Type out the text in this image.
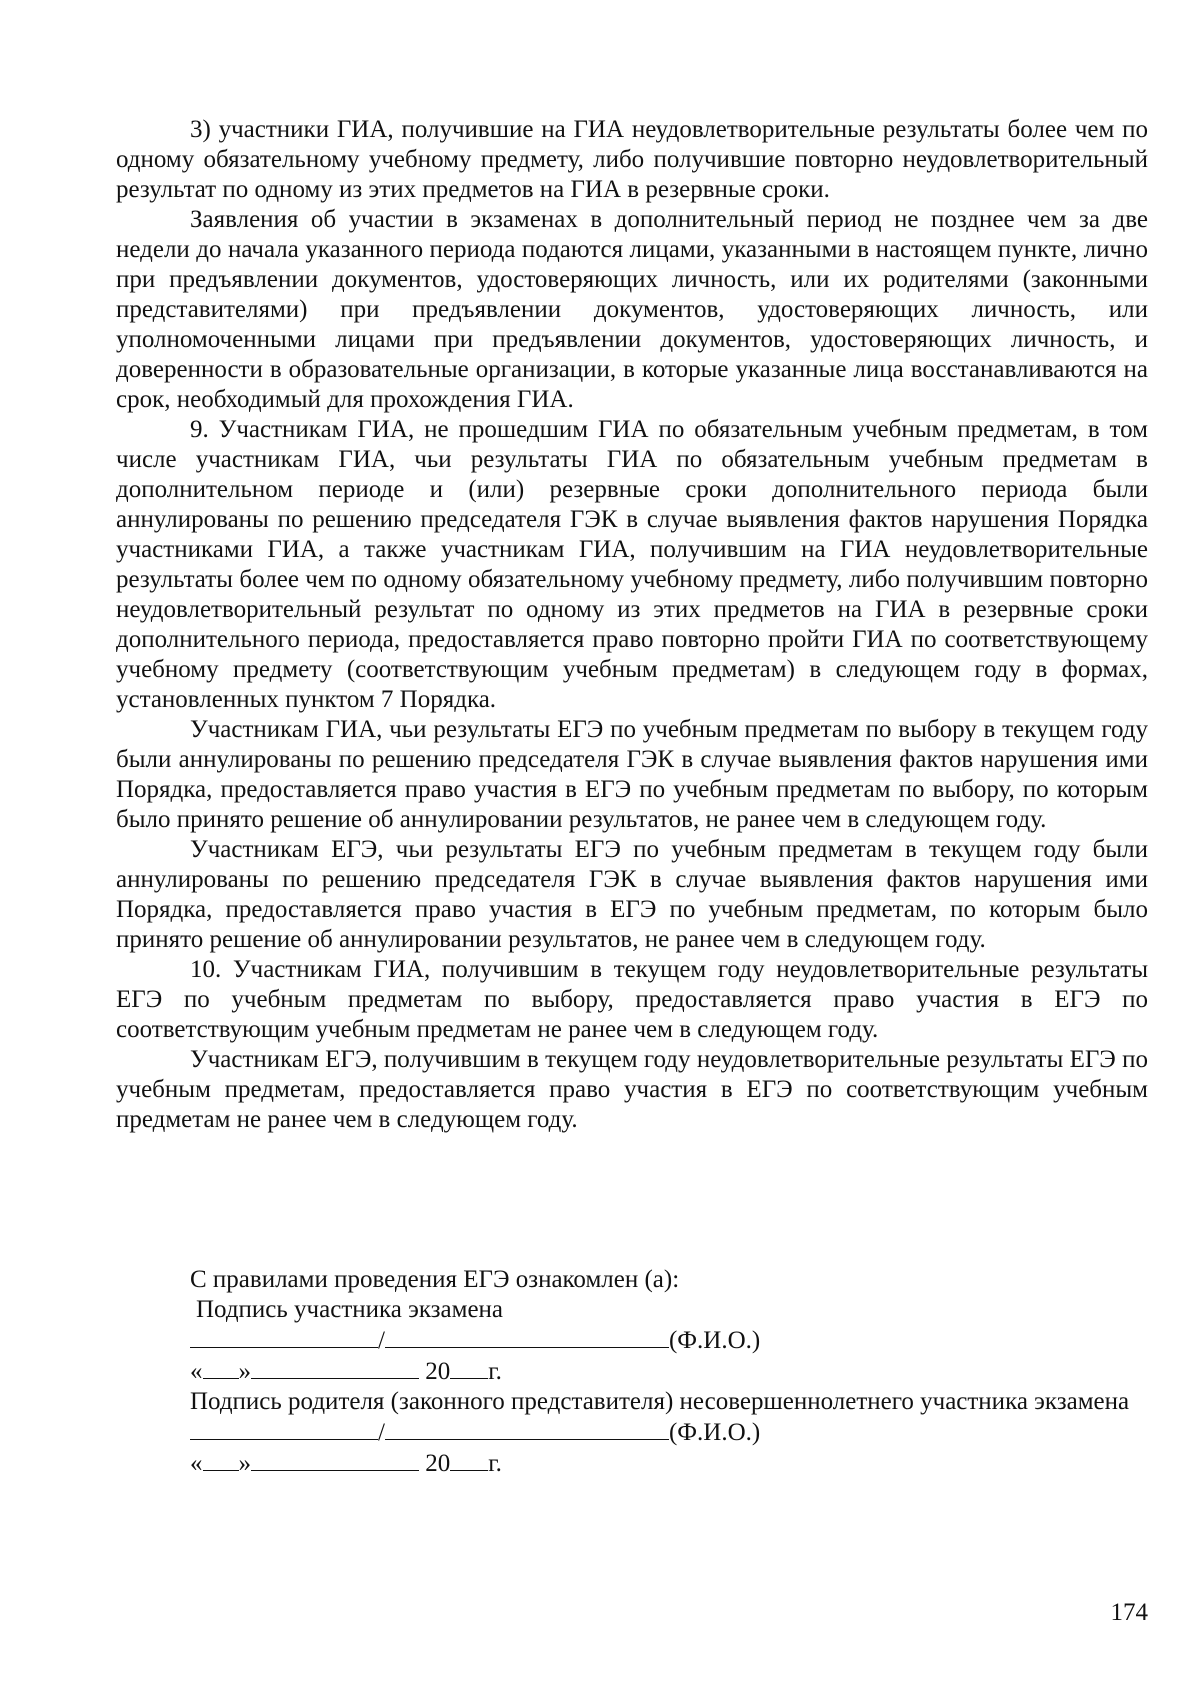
3) участники ГИА, получившие на ГИА неудовлетворительные результаты более чем по одному обязательному учебному предмету, либо получившие повторно неудовлетворительный результат по одному из этих предметов на ГИА в резервные сроки.

Заявления об участии в экзаменах в дополнительный период не позднее чем за две недели до начала указанного периода подаются лицами, указанными в настоящем пункте, лично при предъявлении документов, удостоверяющих личность, или их родителями (законными представителями) при предъявлении документов, удостоверяющих личность, или уполномоченными лицами при предъявлении документов, удостоверяющих личность, и доверенности в образовательные организации, в которые указанные лица восстанавливаются на срок, необходимый для прохождения ГИА.

9. Участникам ГИА, не прошедшим ГИА по обязательным учебным предметам, в том числе участникам ГИА, чьи результаты ГИА по обязательным учебным предметам в дополнительном периоде и (или) резервные сроки дополнительного периода были аннулированы по решению председателя ГЭК в случае выявления фактов нарушения Порядка участниками ГИА, а также участникам ГИА, получившим на ГИА неудовлетворительные результаты более чем по одному обязательному учебному предмету, либо получившим повторно неудовлетворительный результат по одному из этих предметов на ГИА в резервные сроки дополнительного периода, предоставляется право повторно пройти ГИА по соответствующему учебному предмету (соответствующим учебным предметам) в следующем году в формах, установленных пунктом 7 Порядка.

Участникам ГИА, чьи результаты ЕГЭ по учебным предметам по выбору в текущем году были аннулированы по решению председателя ГЭК в случае выявления фактов нарушения ими Порядка, предоставляется право участия в ЕГЭ по учебным предметам по выбору, по которым было принято решение об аннулировании результатов, не ранее чем в следующем году.

Участникам ЕГЭ, чьи результаты ЕГЭ по учебным предметам в текущем году были аннулированы по решению председателя ГЭК в случае выявления фактов нарушения ими Порядка, предоставляется право участия в ЕГЭ по учебным предметам, по которым было принято решение об аннулировании результатов, не ранее чем в следующем году.

10. Участникам ГИА, получившим в текущем году неудовлетворительные результаты ЕГЭ по учебным предметам по выбору, предоставляется право участия в ЕГЭ по соответствующим учебным предметам не ранее чем в следующем году.

Участникам ЕГЭ, получившим в текущем году неудовлетворительные результаты ЕГЭ по учебным предметам, предоставляется право участия в ЕГЭ по соответствующим учебным предметам не ранее чем в следующем году.

С правилами проведения ЕГЭ ознакомлен (а):

Подпись участника экзамена

/	(Ф.И.О.)

« »	20 г.

Подпись родителя (законного представителя) несовершеннолетнего участника экзамена

/	(Ф.И.О.)

« »	20 г.

174
